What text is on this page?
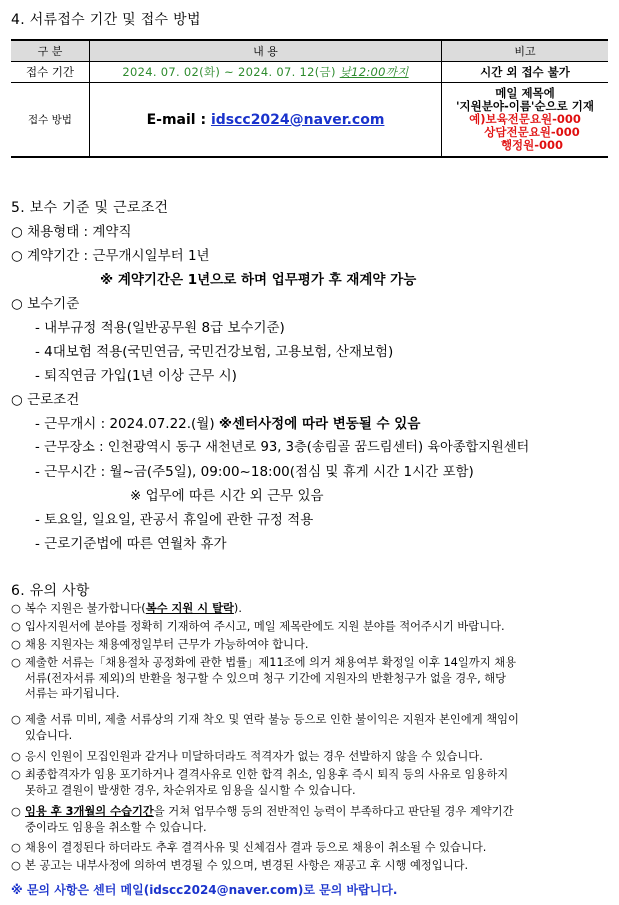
4. 서류접수 기간 및 접수 방법
구 분	내 용	비고
접수 기간	2024. 07. 02(화) ~ 2024. 07. 12(금) 낮12:00까지	시간 외 접수 불가
접수 방법	E-mail : idscc2024@naver.com	메일 제목에
'지원분야-이름'순으로 기재
예)보육전문요원-000
상담전문요원-000
행정원-000
5. 보수 기준 및 근로조건
○ 채용형태 : 계약직
○ 계약기간 : 근무개시일부터 1년
※ 계약기간은 1년으로 하며 업무평가 후 재계약 가능
○ 보수기준
- 내부규정 적용(일반공무원 8급 보수기준)
- 4대보험 적용(국민연금, 국민건강보험, 고용보험, 산재보험)
- 퇴직연금 가입(1년 이상 근무 시)
○ 근로조건
- 근무개시 : 2024.07.22.(월) ※센터사정에 따라 변동될 수 있음
- 근무장소 : 인천광역시 동구 새천년로 93, 3층(송림골 꿈드림센터) 육아종합지원센터
- 근무시간 : 월~금(주5일), 09:00~18:00(점심 및 휴게 시간 1시간 포함)
※ 업무에 따른 시간 외 근무 있음
- 토요일, 일요일, 관공서 휴일에 관한 규정 적용
- 근로기준법에 따른 연월차 휴가
6. 유의 사항
○ 복수 지원은 불가합니다(복수 지원 시 탈락).
○ 입사지원서에 분야를 정확히 기재하여 주시고, 메일 제목란에도 지원 분야를 적어주시기 바랍니다.
○ 채용 지원자는 채용예정일부터 근무가 가능하여야 합니다.
○ 제출한 서류는「채용절차 공정화에 관한 법률」제11조에 의거 채용여부 확정일 이후 14일까지 채용
서류(전자서류 제외)의 반환을 청구할 수 있으며 청구 기간에 지원자의 반환청구가 없을 경우, 해당
서류는 파기됩니다.
○ 제출 서류 미비, 제출 서류상의 기재 착오 및 연락 불능 등으로 인한 불이익은 지원자 본인에게 책임이
있습니다.
○ 응시 인원이 모집인원과 같거나 미달하더라도 적격자가 없는 경우 선발하지 않을 수 있습니다.
○ 최종합격자가 임용 포기하거나 결격사유로 인한 합격 취소, 임용후 즉시 퇴직 등의 사유로 임용하지
못하고 결원이 발생한 경우, 차순위자로 임용을 실시할 수 있습니다.
○ 임용 후 3개월의 수습기간을 거쳐 업무수행 등의 전반적인 능력이 부족하다고 판단될 경우 계약기간
중이라도 임용을 취소할 수 있습니다.
○ 채용이 결정된다 하더라도 추후 결격사유 및 신체검사 결과 등으로 채용이 취소될 수 있습니다.
○ 본 공고는 내부사정에 의하여 변경될 수 있으며, 변경된 사항은 재공고 후 시행 예정입니다.
※ 문의 사항은 센터 메일(idscc2024@naver.com)로 문의 바랍니다.
